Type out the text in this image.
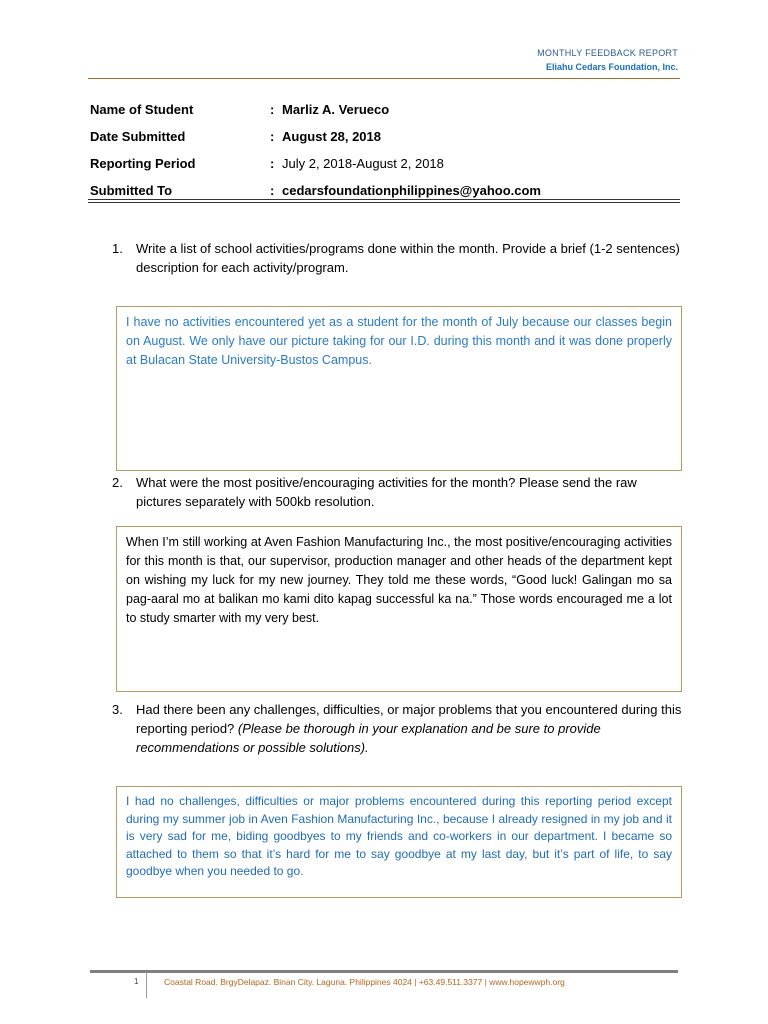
MONTHLY FEEDBACK REPORT
Eliahu Cedars Foundation, Inc.
Name of Student	: Marliz A. Verueco
Date Submitted	: August 28, 2018
Reporting Period	: July 2, 2018-August 2, 2018
Submitted To	: cedarsfoundationphilippines@yahoo.com
1. Write a list of school activities/programs done within the month. Provide a brief (1-2 sentences) description for each activity/program.
I have no activities encountered yet as a student for the month of July because our classes begin on August. We only have our picture taking for our I.D. during this month and it was done properly at Bulacan State University-Bustos Campus.
2. What were the most positive/encouraging activities for the month? Please send the raw pictures separately with 500kb resolution.
When I’m still working at Aven Fashion Manufacturing Inc., the most positive/encouraging activities for this month is that, our supervisor, production manager and other heads of the department kept on wishing my luck for my new journey. They told me these words, “Good luck! Galingan mo sa pag-aaral mo at balikan mo kami dito kapag successful ka na.” Those words encouraged me a lot to study smarter with my very best.
3. Had there been any challenges, difficulties, or major problems that you encountered during this reporting period? (Please be thorough in your explanation and be sure to provide recommendations or possible solutions).
I had no challenges, difficulties or major problems encountered during this reporting period except during my summer job in Aven Fashion Manufacturing Inc., because I already resigned in my job and it is very sad for me, biding goodbyes to my friends and co-workers in our department. I became so attached to them so that it’s hard for me to say goodbye at my last day, but it’s part of life, to say goodbye when you needed to go.
1	Coastal Road. BrgyDelapaz. Binan City. Laguna. Philippines 4024 | +63.49.511.3377 | www.hopewwph.org
